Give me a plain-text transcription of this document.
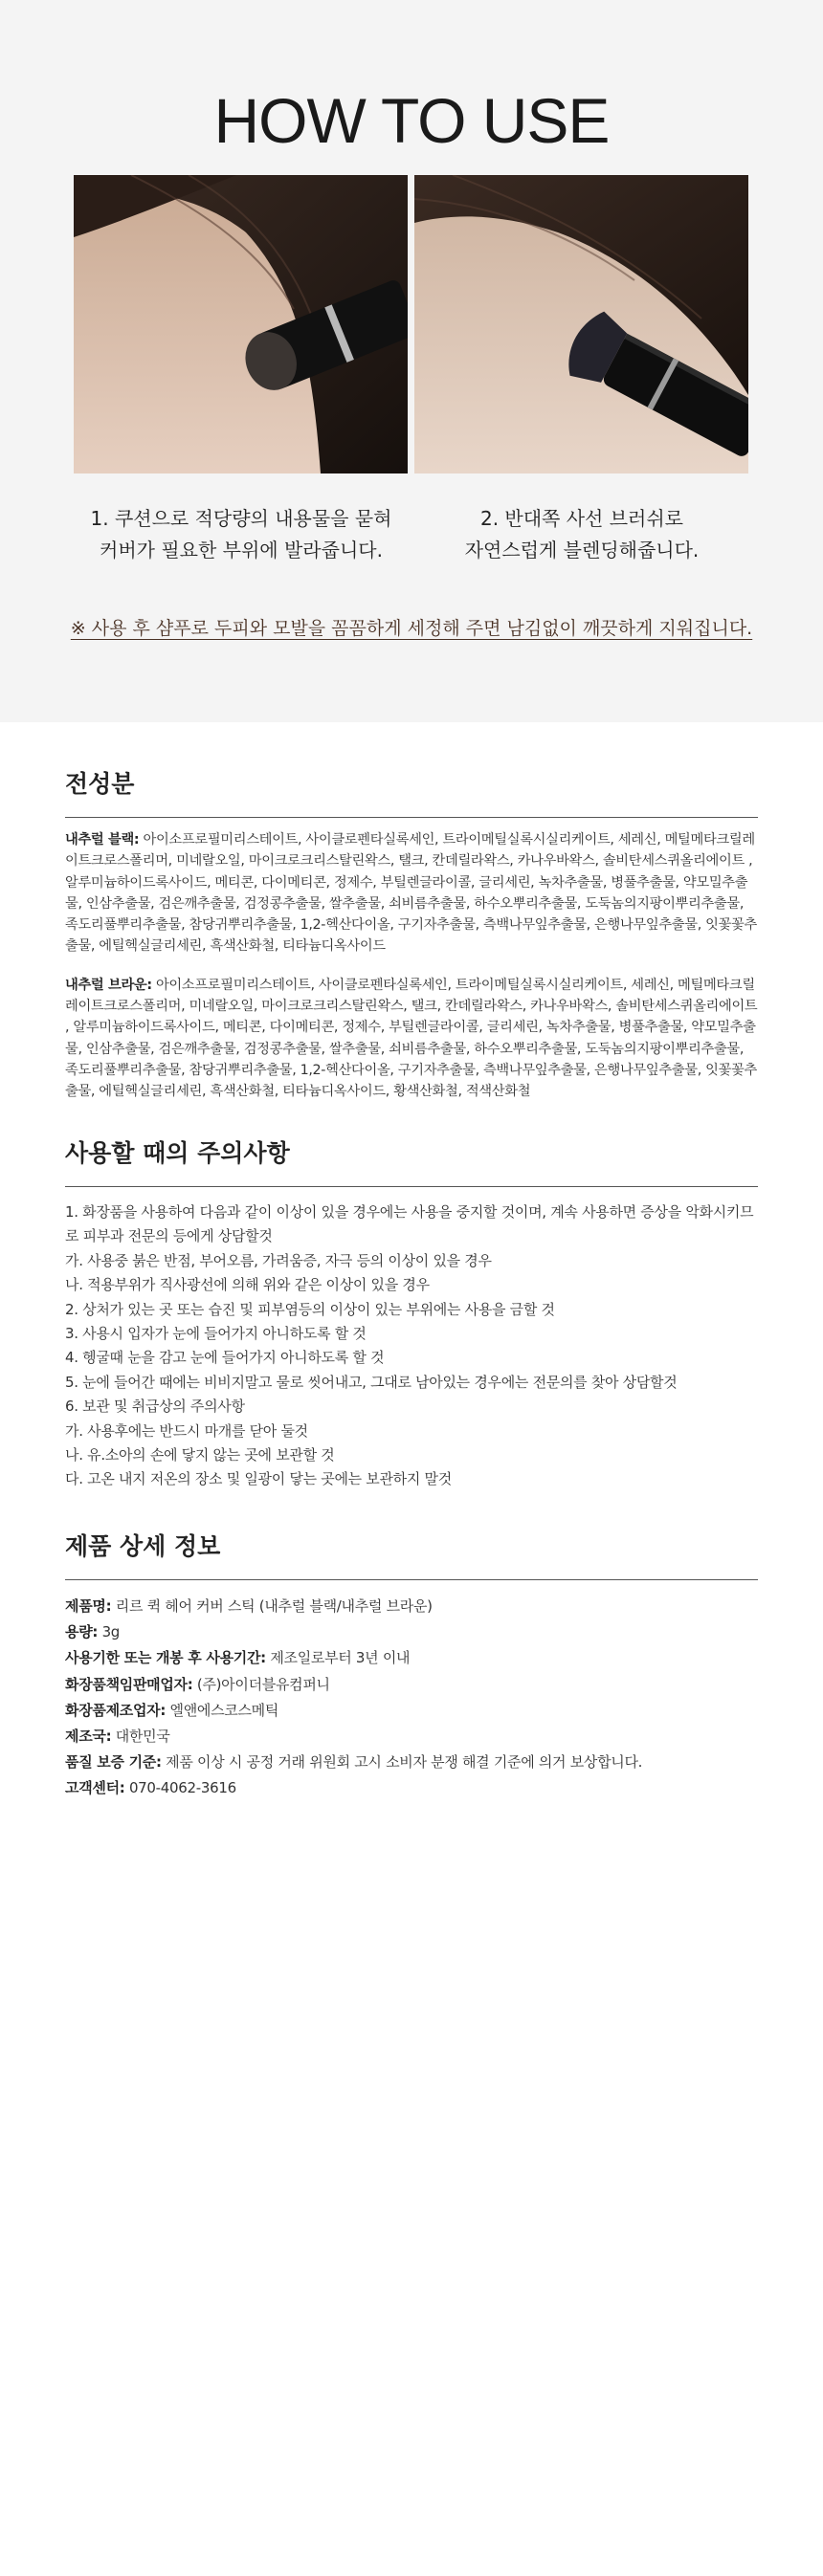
HOW TO USE
1. 쿠션으로 적당량의 내용물을 묻혀
커버가 필요한 부위에 발라줍니다.
2. 반대쪽 사선 브러쉬로
자연스럽게 블렌딩해줍니다.
※ 사용 후 샴푸로 두피와 모발을 꼼꼼하게 세정해 주면 남김없이 깨끗하게 지워집니다.
전성분

내추럴 블랙: 아이소프로필미리스테이트, 사이클로펜타실록세인, 트라이메틸실록시실리케이트, 세레신, 메틸메타크릴레이트크로스폴리머, 미네랄오일, 마이크로크리스탈린왁스, 탤크, 칸데릴라왁스, 카나우바왁스, 솔비탄세스퀴올리에이트 , 알루미늄하이드록사이드, 메티콘, 다이메티콘, 정제수, 부틸렌글라이콜, 글리세린, 녹차추출물, 병풀추출물, 약모밀추출물, 인삼추출물, 검은깨추출물, 검정콩추출물, 쌀추출물, 쇠비름추출물, 하수오뿌리추출물, 도둑놈의지팡이뿌리추출물, 족도리풀뿌리추출물, 참당귀뿌리추출물, 1,2-헥산다이올, 구기자추출물, 측백나무잎추출물, 은행나무잎추출물, 잇꽃꽃추출물, 에틸헥실글리세린, 흑색산화철, 티타늄디옥사이드

내추럴 브라운: 아이소프로필미리스테이트, 사이클로펜타실록세인, 트라이메틸실록시실리케이트, 세레신, 메틸메타크릴레이트크로스폴리머, 미네랄오일, 마이크로크리스탈린왁스, 탤크, 칸데릴라왁스, 카나우바왁스, 솔비탄세스퀴올리에이트 , 알루미늄하이드록사이드, 메티콘, 다이메티콘, 정제수, 부틸렌글라이콜, 글리세린, 녹차추출물, 병풀추출물, 약모밀추출물, 인삼추출물, 검은깨추출물, 검정콩추출물, 쌀추출물, 쇠비름추출물, 하수오뿌리추출물, 도둑놈의지팡이뿌리추출물, 족도리풀뿌리추출물, 참당귀뿌리추출물, 1,2-헥산다이올, 구기자추출물, 측백나무잎추출물, 은행나무잎추출물, 잇꽃꽃추출물, 에틸헥실글리세린, 흑색산화철, 티타늄디옥사이드, 황색산화철, 적색산화철

사용할 때의 주의사항
1. 화장품을 사용하여 다음과 같이 이상이 있을 경우에는 사용을 중지할 것이며, 계속 사용하면 증상을 악화시키므로 피부과 전문의 등에게 상담할것
가. 사용중 붉은 반점, 부어오름, 가려움증, 자극 등의 이상이 있을 경우
나. 적용부위가 직사광선에 의해 위와 같은 이상이 있을 경우
2. 상처가 있는 곳 또는 습진 및 피부염등의 이상이 있는 부위에는 사용을 금할 것
3. 사용시 입자가 눈에 들어가지 아니하도록 할 것
4. 헹굴때 눈을 감고 눈에 들어가지 아니하도록 할 것
5. 눈에 들어간 때에는 비비지말고 물로 씻어내고, 그대로 남아있는 경우에는 전문의를 찾아 상담할것
6. 보관 및 취급상의 주의사항
가. 사용후에는 반드시 마개를 닫아 둘것
나. 유.소아의 손에 닿지 않는 곳에 보관할 것
다. 고온 내지 저온의 장소 및 일광이 닿는 곳에는 보관하지 말것
제품 상세 정보
제품명: 리르 퀵 헤어 커버 스틱 (내추럴 블랙/내추럴 브라운)
용량: 3g
사용기한 또는 개봉 후 사용기간: 제조일로부터 3년 이내
화장품책임판매업자: (주)아이더블유컴퍼니
화장품제조업자: 엘앤에스코스메틱
제조국: 대한민국
품질 보증 기준: 제품 이상 시 공정 거래 위원회 고시 소비자 분쟁 해결 기준에 의거 보상합니다.
고객센터: 070-4062-3616
